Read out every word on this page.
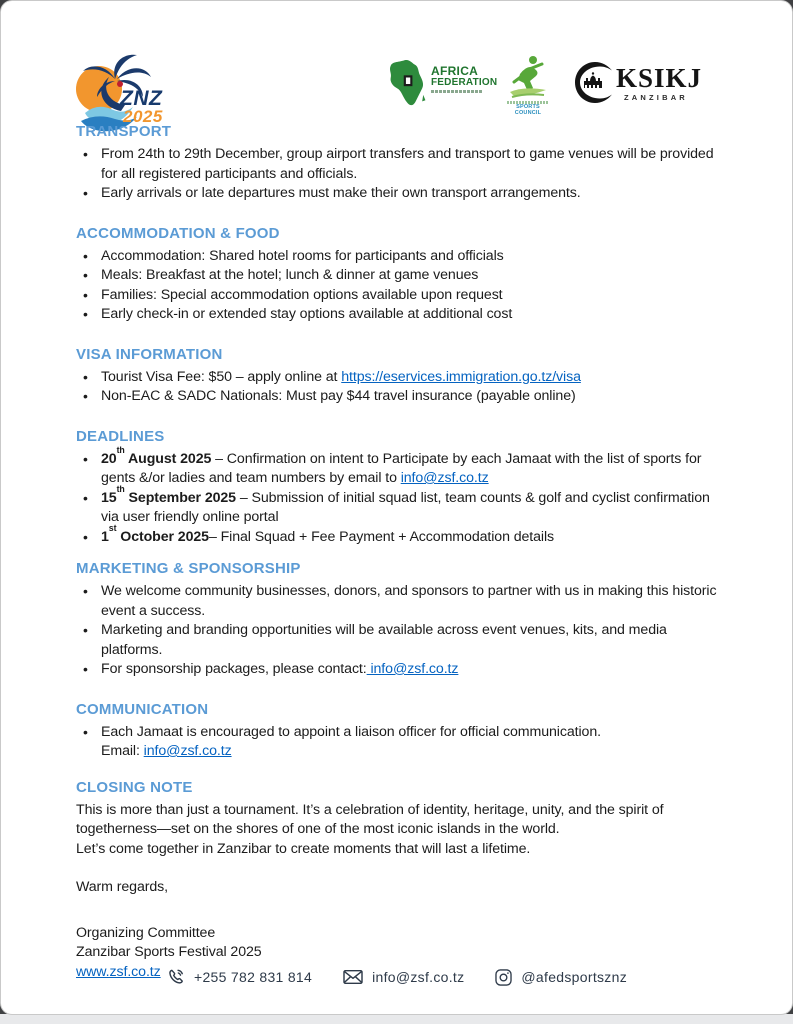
ZNZ
2025
AFRICA
FEDERATION
SPORTS COUNCIL
KSIKJ
ZANZIBAR
TRANSPORT
• From 24th to 29th December, group airport transfers and transport to game venues will be provided for all registered participants and officials.
• Early arrivals or late departures must make their own transport arrangements.
ACCOMMODATION & FOOD
• Accommodation: Shared hotel rooms for participants and officials
• Meals: Breakfast at the hotel; lunch & dinner at game venues
• Families: Special accommodation options available upon request
• Early check-in or extended stay options available at additional cost
VISA INFORMATION
• Tourist Visa Fee: $50 – apply online at https://eservices.immigration.go.tz/visa
• Non-EAC & SADC Nationals: Must pay $44 travel insurance (payable online)
DEADLINES
• 20th August 2025 – Confirmation on intent to Participate by each Jamaat with the list of sports for gents &/or ladies and team numbers by email to info@zsf.co.tz
• 15th September 2025 – Submission of initial squad list, team counts & golf and cyclist confirmation via user friendly online portal
• 1st October 2025– Final Squad + Fee Payment + Accommodation details
MARKETING & SPONSORSHIP
• We welcome community businesses, donors, and sponsors to partner with us in making this historic event a success.
• Marketing and branding opportunities will be available across event venues, kits, and media platforms.
• For sponsorship packages, please contact: info@zsf.co.tz
COMMUNICATION
• Each Jamaat is encouraged to appoint a liaison officer for official communication.
Email: info@zsf.co.tz
CLOSING NOTE

This is more than just a tournament. It’s a celebration of identity, heritage, unity, and the spirit of togetherness—set on the shores of one of the most iconic islands in the world.

Let’s come together in Zanzibar to create moments that will last a lifetime.

Warm regards,

Organizing Committee
Zanzibar Sports Festival 2025
www.zsf.co.tz	+255 782 831 814	info@zsf.co.tz	@afedsportsznz
